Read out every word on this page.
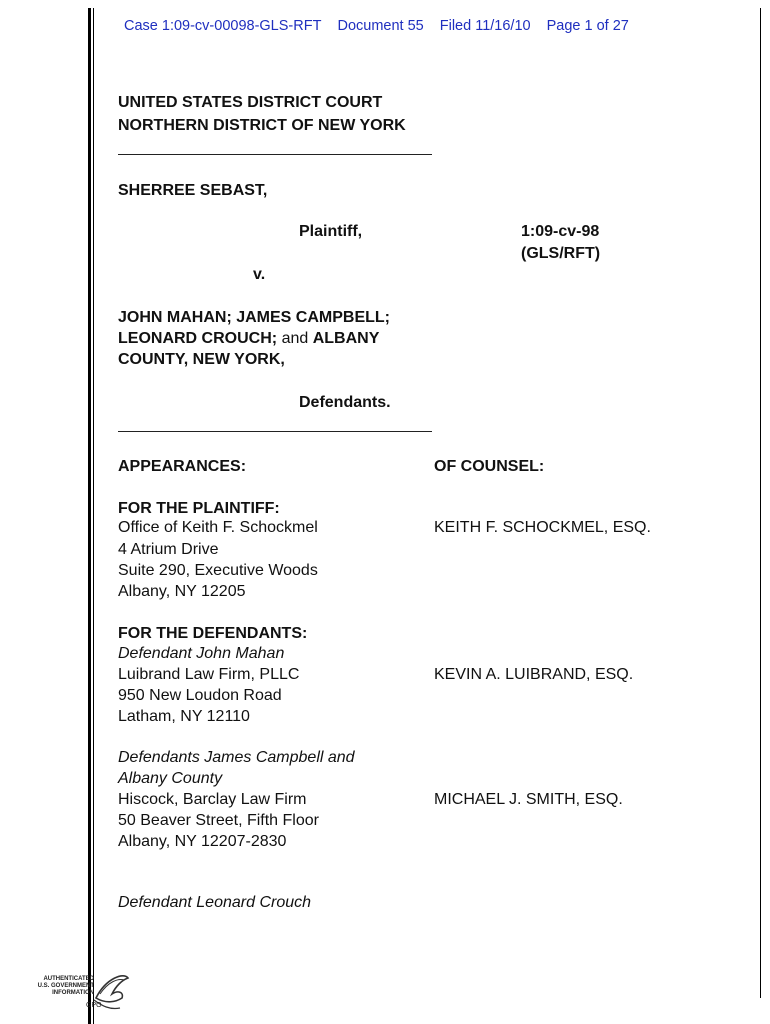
Case 1:09-cv-00098-GLS-RFT Document 55 Filed 11/16/10 Page 1 of 27
UNITED STATES DISTRICT COURT
NORTHERN DISTRICT OF NEW YORK
SHERREE SEBAST,
Plaintiff,	1:09-cv-98
(GLS/RFT)
v.
JOHN MAHAN; JAMES CAMPBELL;
LEONARD CROUCH; and ALBANY
COUNTY, NEW YORK,
Defendants.
APPEARANCES:	OF COUNSEL:
FOR THE PLAINTIFF:
Office of Keith F. Schockmel	KEITH F. SCHOCKMEL, ESQ.
4 Atrium Drive
Suite 290, Executive Woods
Albany, NY 12205
FOR THE DEFENDANTS:
Defendant John Mahan
Luibrand Law Firm, PLLC	KEVIN A. LUIBRAND, ESQ.
950 New Loudon Road
Latham, NY 12110
Defendants James Campbell and
Albany County
Hiscock, Barclay Law Firm	MICHAEL J. SMITH, ESQ.
50 Beaver Street, Fifth Floor
Albany, NY 12207-2830
Defendant Leonard Crouch
AUTHENTICATED U.S. GOVERNMENT INFORMATION
GPO
